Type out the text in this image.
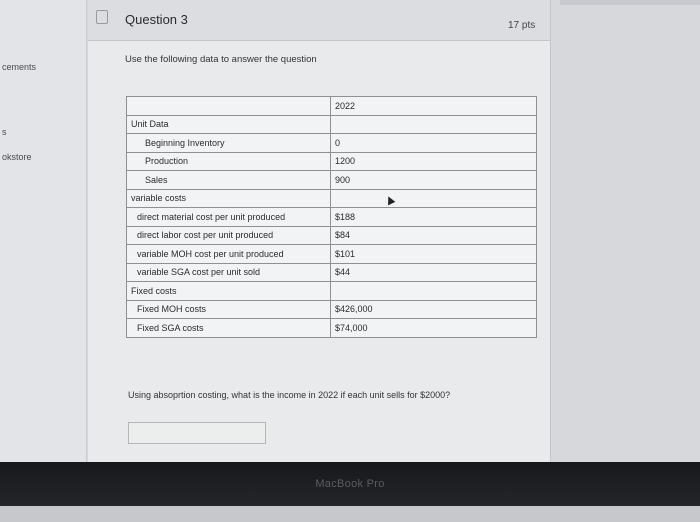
cements
s
okstore
Question 3	17 pts
Use the following data to answer the question
	2022
Unit Data	
Beginning Inventory	0
Production	1200
Sales	900
variable costs	
direct material cost per unit produced	$188
direct labor cost per unit produced	$84
variable MOH cost per unit produced	$101
variable SGA cost per unit sold	$44
Fixed costs	
Fixed MOH costs	$426,000
Fixed SGA costs	$74,000
Using absoprtion costing, what is the income in 2022 if each unit sells for $2000?
MacBook Pro
